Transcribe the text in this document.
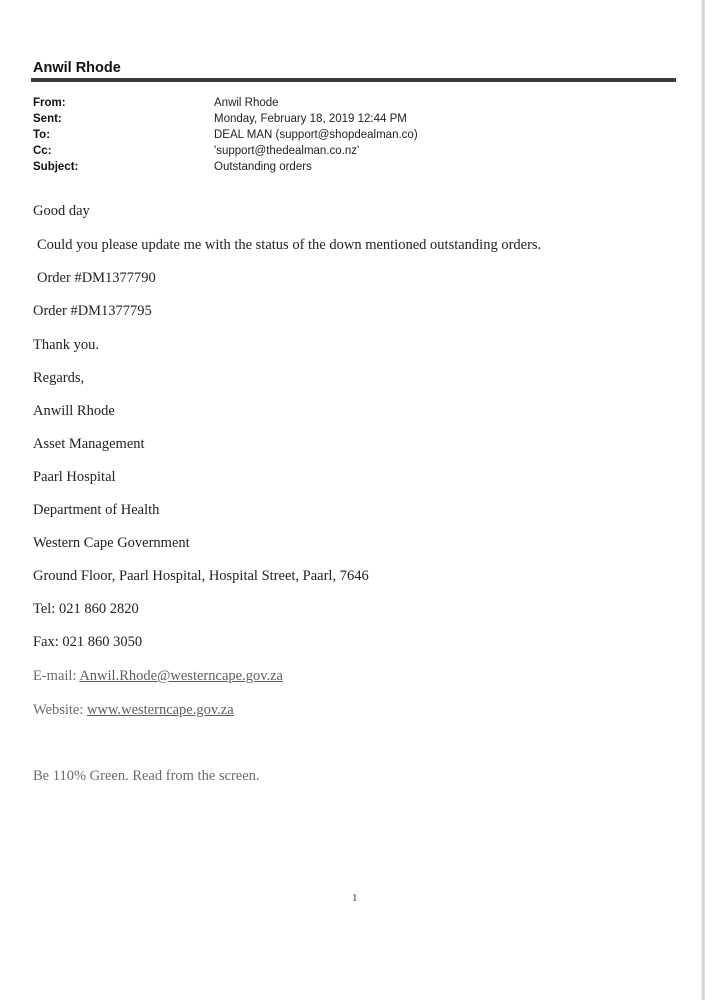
Anwil Rhode
From:	Anwil Rhode
Sent:	Monday, February 18, 2019 12:44 PM
To:	DEAL MAN (support@shopdealman.co)
Cc:	'support@thedealman.co.nz'
Subject:	Outstanding orders
Good day
Could you please update me with the status of the down mentioned outstanding orders.
Order #DM1377790
Order #DM1377795
Thank you.
Regards,
Anwill Rhode
Asset Management
Paarl Hospital
Department of Health
Western Cape Government
Ground Floor, Paarl Hospital, Hospital Street, Paarl, 7646
Tel: 021 860 2820
Fax: 021 860 3050
E-mail: Anwil.Rhode@westerncape.gov.za
Website: www.westerncape.gov.za
Be 110% Green. Read from the screen.
1
